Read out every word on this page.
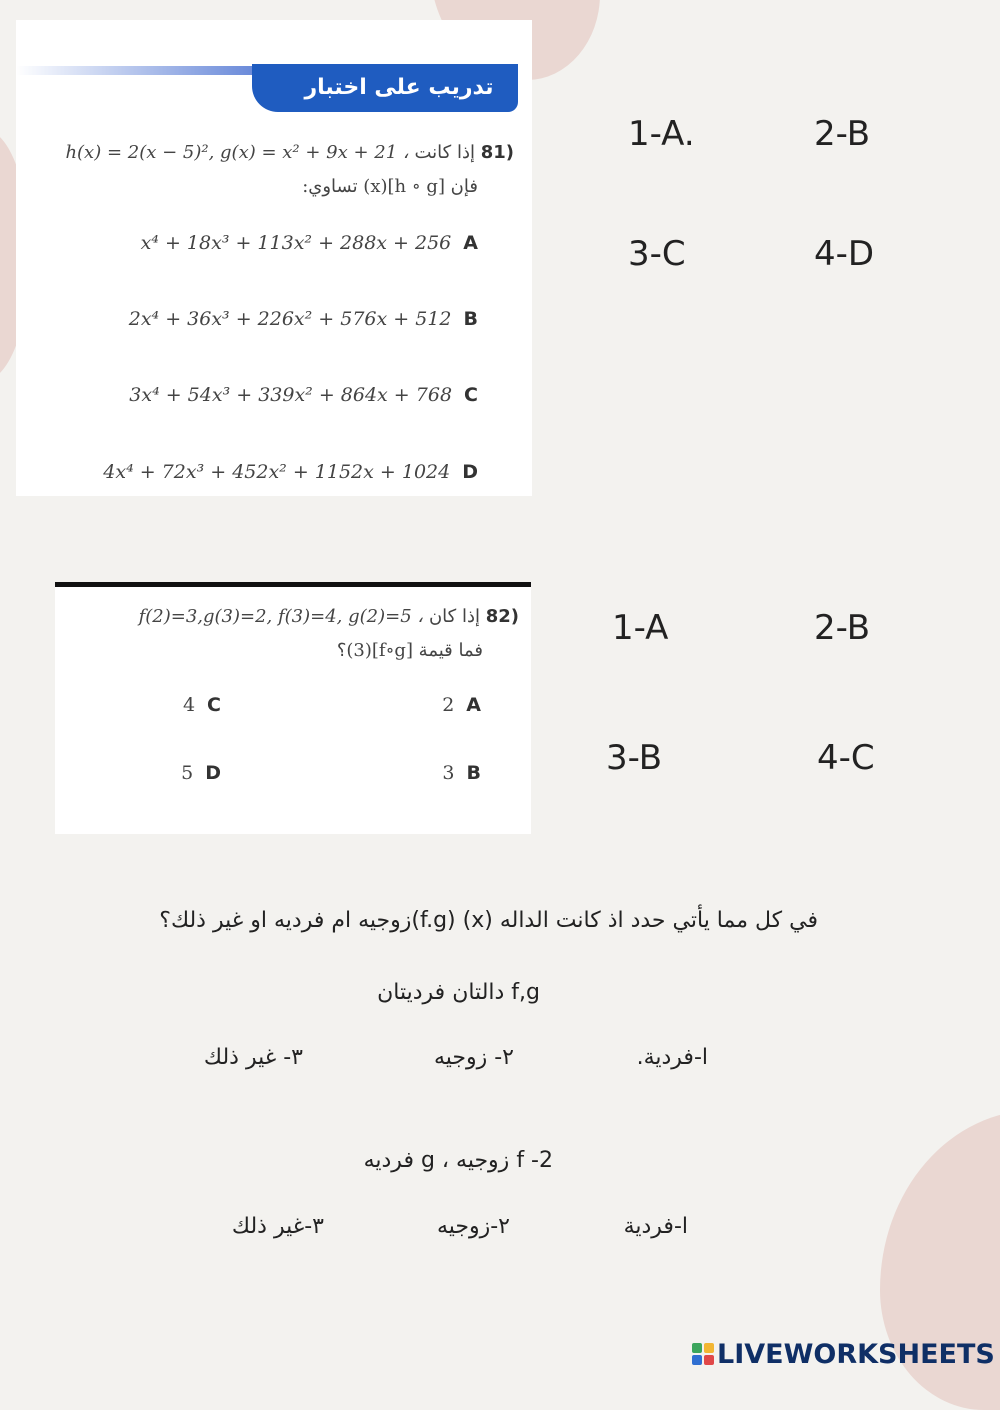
تدريب على اختبار
(81 إذا كانت h(x) = 2(x − 5)², g(x) = x² + 9x + 21 ،
فإن [h ∘ g](x) تساوي:
x⁴ + 18x³ + 113x² + 288x + 256 A
2x⁴ + 36x³ + 226x² + 576x + 512 B
3x⁴ + 54x³ + 339x² + 864x + 768 C
4x⁴ + 72x³ + 452x² + 1152x + 1024 D
1-A.	2-B
3-C	4-D
(82 إذا كان f(2)=3,g(3)=2, f(3)=4, g(2)=5 ،
فما قيمة [f∘g](3)؟
2 A
3 B
4 C
5 D
1-A	2-B
3-B	4-C
في كل مما يأتي حدد اذ كانت الداله (x) (f.g)زوجيه ام فرديه او غير ذلك؟
f,g دالتان فرديتان
ا-فردية.
٢- زوجيه
٣- غير ذلك
2- f زوجيه ، g فرديه
ا-فردية
٢-زوجيه
٣-غير ذلك
LIVEWORKSHEETS
